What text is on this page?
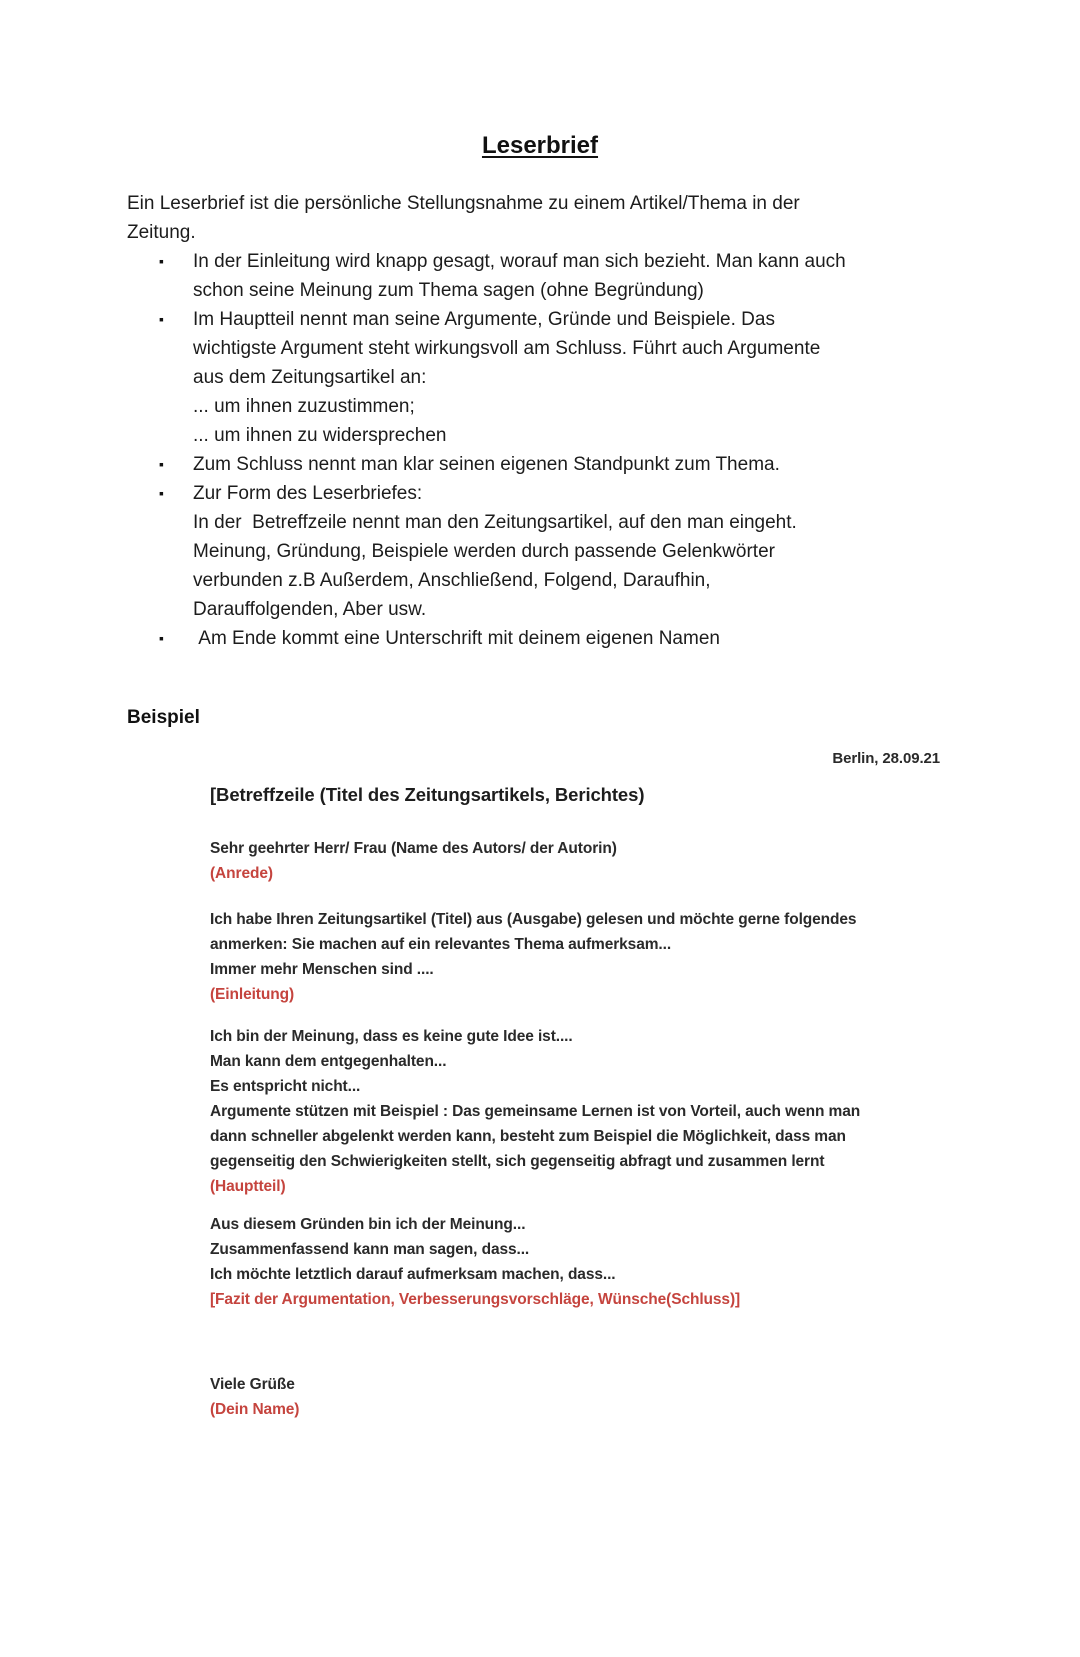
Leserbrief
Ein Leserbrief ist die persönliche Stellungsnahme zu einem Artikel/Thema in der
Zeitung.
▪ In der Einleitung wird knapp gesagt, worauf man sich bezieht. Man kann auch
schon seine Meinung zum Thema sagen (ohne Begründung)
▪ Im Hauptteil nennt man seine Argumente, Gründe und Beispiele. Das
wichtigste Argument steht wirkungsvoll am Schluss. Führt auch Argumente
aus dem Zeitungsartikel an:
... um ihnen zuzustimmen;
... um ihnen zu widersprechen
▪ Zum Schluss nennt man klar seinen eigenen Standpunkt zum Thema.
▪ Zur Form des Leserbriefes:
In der  Betreffzeile nennt man den Zeitungsartikel, auf den man eingeht.
Meinung, Gründung, Beispiele werden durch passende Gelenkwörter
verbunden z.B Außerdem, Anschließend, Folgend, Daraufhin,
Darauffolgenden, Aber usw.
▪ Am Ende kommt eine Unterschrift mit deinem eigenen Namen
Beispiel
Berlin, 28.09.21
[Betreffzeile (Titel des Zeitungsartikels, Berichtes)
Sehr geehrter Herr/ Frau (Name des Autors/ der Autorin)
(Anrede)
Ich habe Ihren Zeitungsartikel (Titel) aus (Ausgabe) gelesen und möchte gerne folgendes
anmerken: Sie machen auf ein relevantes Thema aufmerksam...
Immer mehr Menschen sind ....
(Einleitung)
Ich bin der Meinung, dass es keine gute Idee ist....
Man kann dem entgegenhalten...
Es entspricht nicht...
Argumente stützen mit Beispiel : Das gemeinsame Lernen ist von Vorteil, auch wenn man
dann schneller abgelenkt werden kann, besteht zum Beispiel die Möglichkeit, dass man
gegenseitig den Schwierigkeiten stellt, sich gegenseitig abfragt und zusammen lernt
(Hauptteil)
Aus diesem Gründen bin ich der Meinung...
Zusammenfassend kann man sagen, dass...
Ich möchte letztlich darauf aufmerksam machen, dass...
[Fazit der Argumentation, Verbesserungsvorschläge, Wünsche(Schluss)]
Viele Grüße
(Dein Name)
